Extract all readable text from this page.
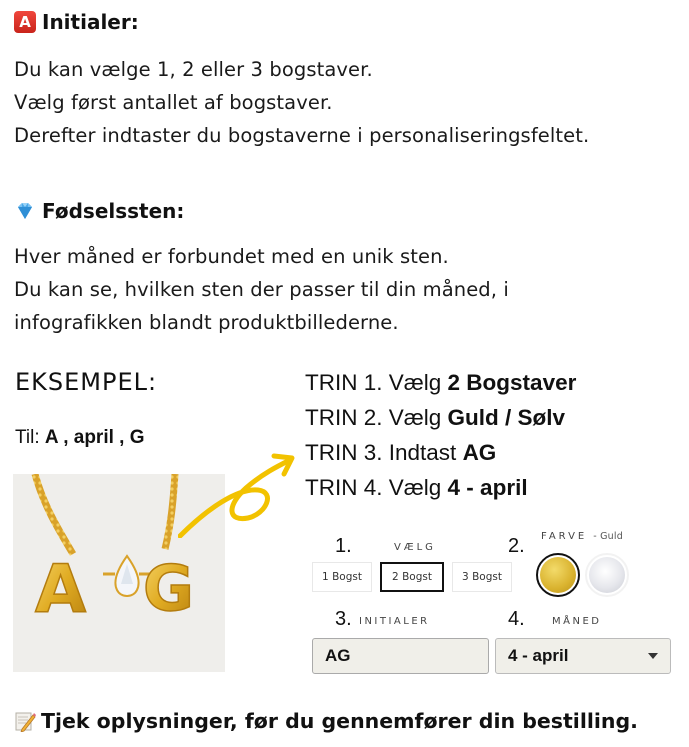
A Initialer:
Du kan vælge 1, 2 eller 3 bogstaver.
Vælg først antallet af bogstaver.
Derefter indtaster du bogstaverne i personaliseringsfeltet.
Fødselssten:
Hver måned er forbundet med en unik sten.
Du kan se, hvilken sten der passer til din måned, i
infografikken blandt produktbillederne.
EKSEMPEL:
Til: A , april , G
A G
TRIN 1. Vælg 2 Bogstaver
TRIN 2. Vælg Guld / Sølv
TRIN 3. Indtast AG
TRIN 4. Vælg 4 - april
1.	VÆLG
1 Bogst	2 Bogst	3 Bogst
2. FARVE - Guld
3. INITIALER
AG
4.	MÅNED
4 - april
Tjek oplysninger, før du gennemfører din bestilling.
